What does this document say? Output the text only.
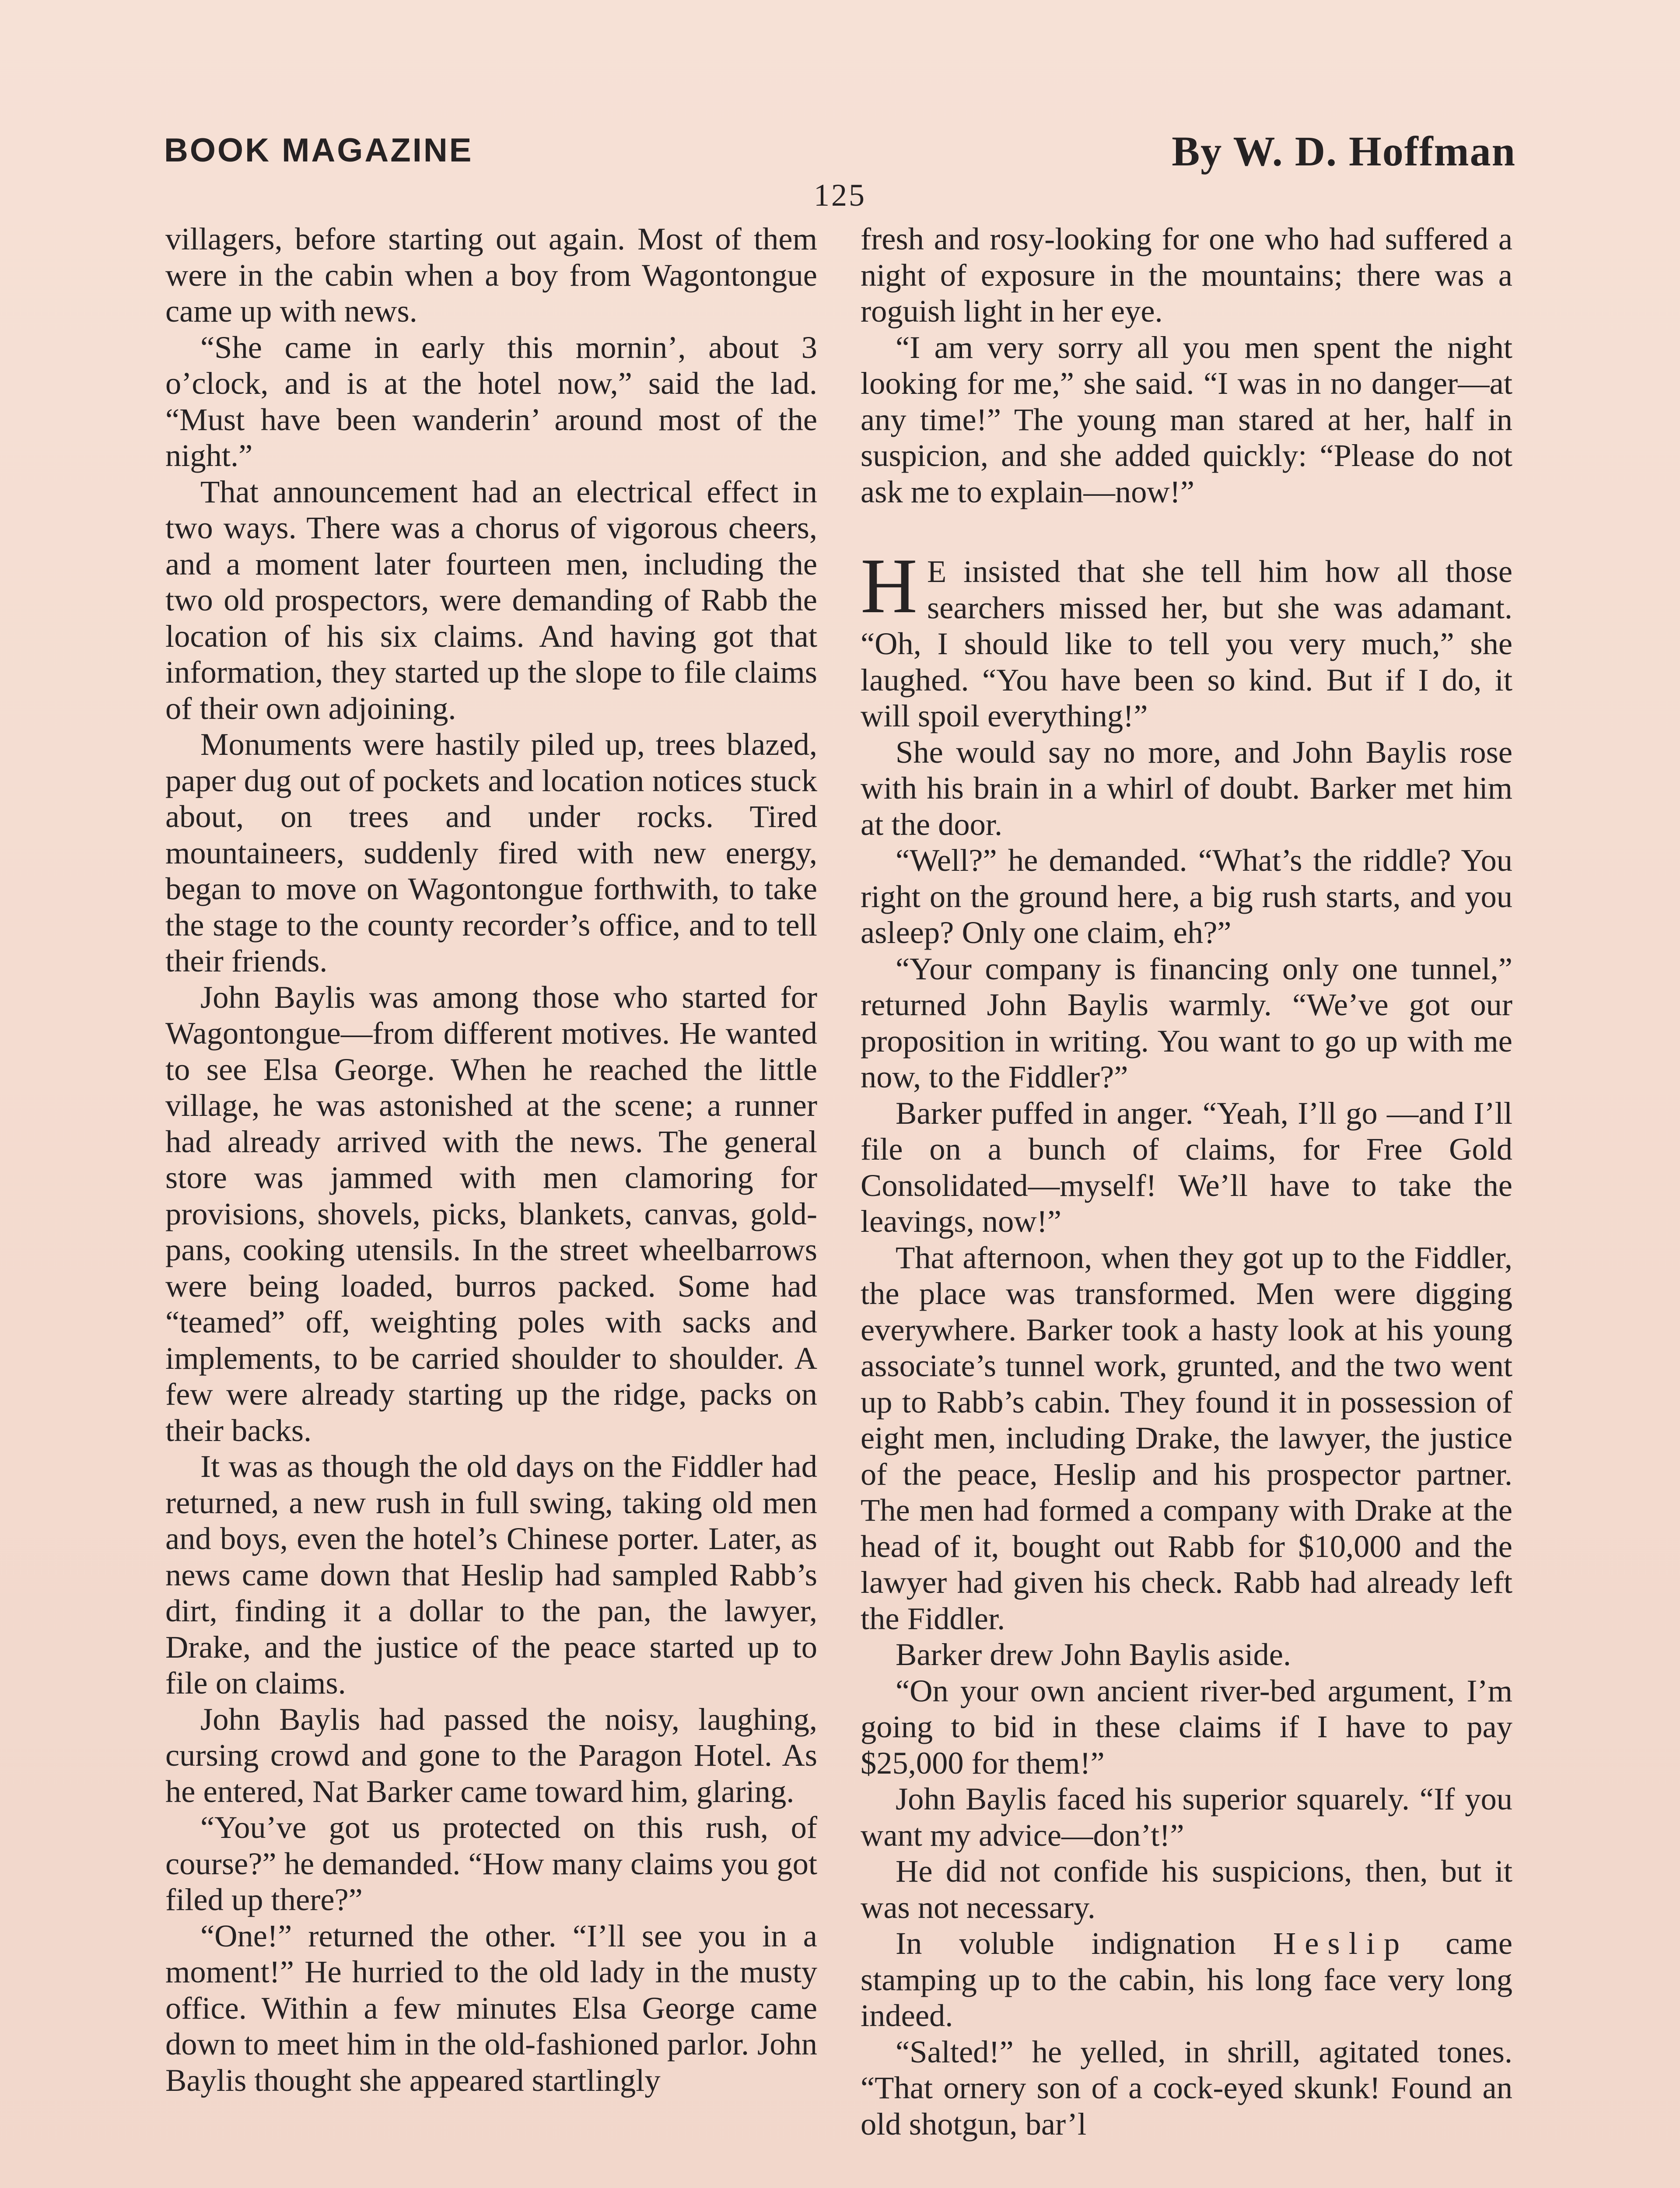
BOOK MAGAZINE	By W. D. Hoffman
125

villagers, before starting out again. Most of them were in the cabin when a boy from Wagontongue came up with news.

“She came in early this mornin’, about 3 o’clock, and is at the hotel now,” said the lad. “Must have been wanderin’ around most of the night.”

That announcement had an electrical effect in two ways. There was a chorus of vigorous cheers, and a moment later fourteen men, including the two old prospectors, were demanding of Rabb the location of his six claims. And having got that information, they started up the slope to file claims of their own adjoining.

Monuments were hastily piled up, trees blazed, paper dug out of pockets and location notices stuck about, on trees and under rocks. Tired mountaineers, suddenly fired with new energy, began to move on Wagontongue forthwith, to take the stage to the county recorder’s office, and to tell their friends.

John Baylis was among those who started for Wagontongue—from different motives. He wanted to see Elsa George. When he reached the little village, he was astonished at the scene; a runner had already arrived with the news. The general store was jammed with men clamoring for provisions, shovels, picks, blankets, canvas, gold-pans, cooking utensils. In the street wheelbarrows were being loaded, burros packed. Some had “teamed” off, weighting poles with sacks and implements, to be carried shoulder to shoulder. A few were already starting up the ridge, packs on their backs.

It was as though the old days on the Fiddler had returned, a new rush in full swing, taking old men and boys, even the hotel’s Chinese porter. Later, as news came down that Heslip had sampled Rabb’s dirt, finding it a dollar to the pan, the lawyer, Drake, and the justice of the peace started up to file on claims.

John Baylis had passed the noisy, laughing, cursing crowd and gone to the Paragon Hotel. As he entered, Nat Barker came toward him, glaring.

“You’ve got us protected on this rush, of course?” he demanded. “How many claims you got filed up there?”

“One!” returned the other. “I’ll see you in a moment!” He hurried to the old lady in the musty office. Within a few minutes Elsa George came down to meet him in the old-fashioned parlor. John Baylis thought she appeared startlingly

fresh and rosy-looking for one who had suffered a night of exposure in the mountains; there was a roguish light in her eye.

“I am very sorry all you men spent the night looking for me,” she said. “I was in no danger—at any time!” The young man stared at her, half in suspicion, and she added quickly: “Please do not ask me to explain—now!”

H E insisted that she tell him how all those searchers missed her, but she was adamant. “Oh, I should like to tell you very much,” she laughed. “You have been so kind. But if I do, it will spoil everything!”

She would say no more, and John Baylis rose with his brain in a whirl of doubt. Barker met him at the door.

“Well?” he demanded. “What’s the riddle? You right on the ground here, a big rush starts, and you asleep? Only one claim, eh?”

“Your company is financing only one tunnel,” returned John Baylis warmly. “We’ve got our proposition in writing. You want to go up with me now, to the Fiddler?”

Barker puffed in anger. “Yeah, I’ll go —and I’ll file on a bunch of claims, for Free Gold Consolidated—myself! We’ll have to take the leavings, now!”

That afternoon, when they got up to the Fiddler, the place was transformed. Men were digging everywhere. Barker took a hasty look at his young associate’s tunnel work, grunted, and the two went up to Rabb’s cabin. They found it in possession of eight men, including Drake, the lawyer, the justice of the peace, Heslip and his prospector partner. The men had formed a company with Drake at the head of it, bought out Rabb for $10,000 and the lawyer had given his check. Rabb had already left the Fiddler.

Barker drew John Baylis aside.

“On your own ancient river-bed argument, I’m going to bid in these claims if I have to pay $25,000 for them!”

John Baylis faced his superior squarely. “If you want my advice—don’t!”

He did not confide his suspicions, then, but it was not necessary.

In voluble indignation Heslip came stamping up to the cabin, his long face very long indeed.

“Salted!” he yelled, in shrill, agitated tones. “That ornery son of a cock-eyed skunk! Found an old shotgun, bar’l
